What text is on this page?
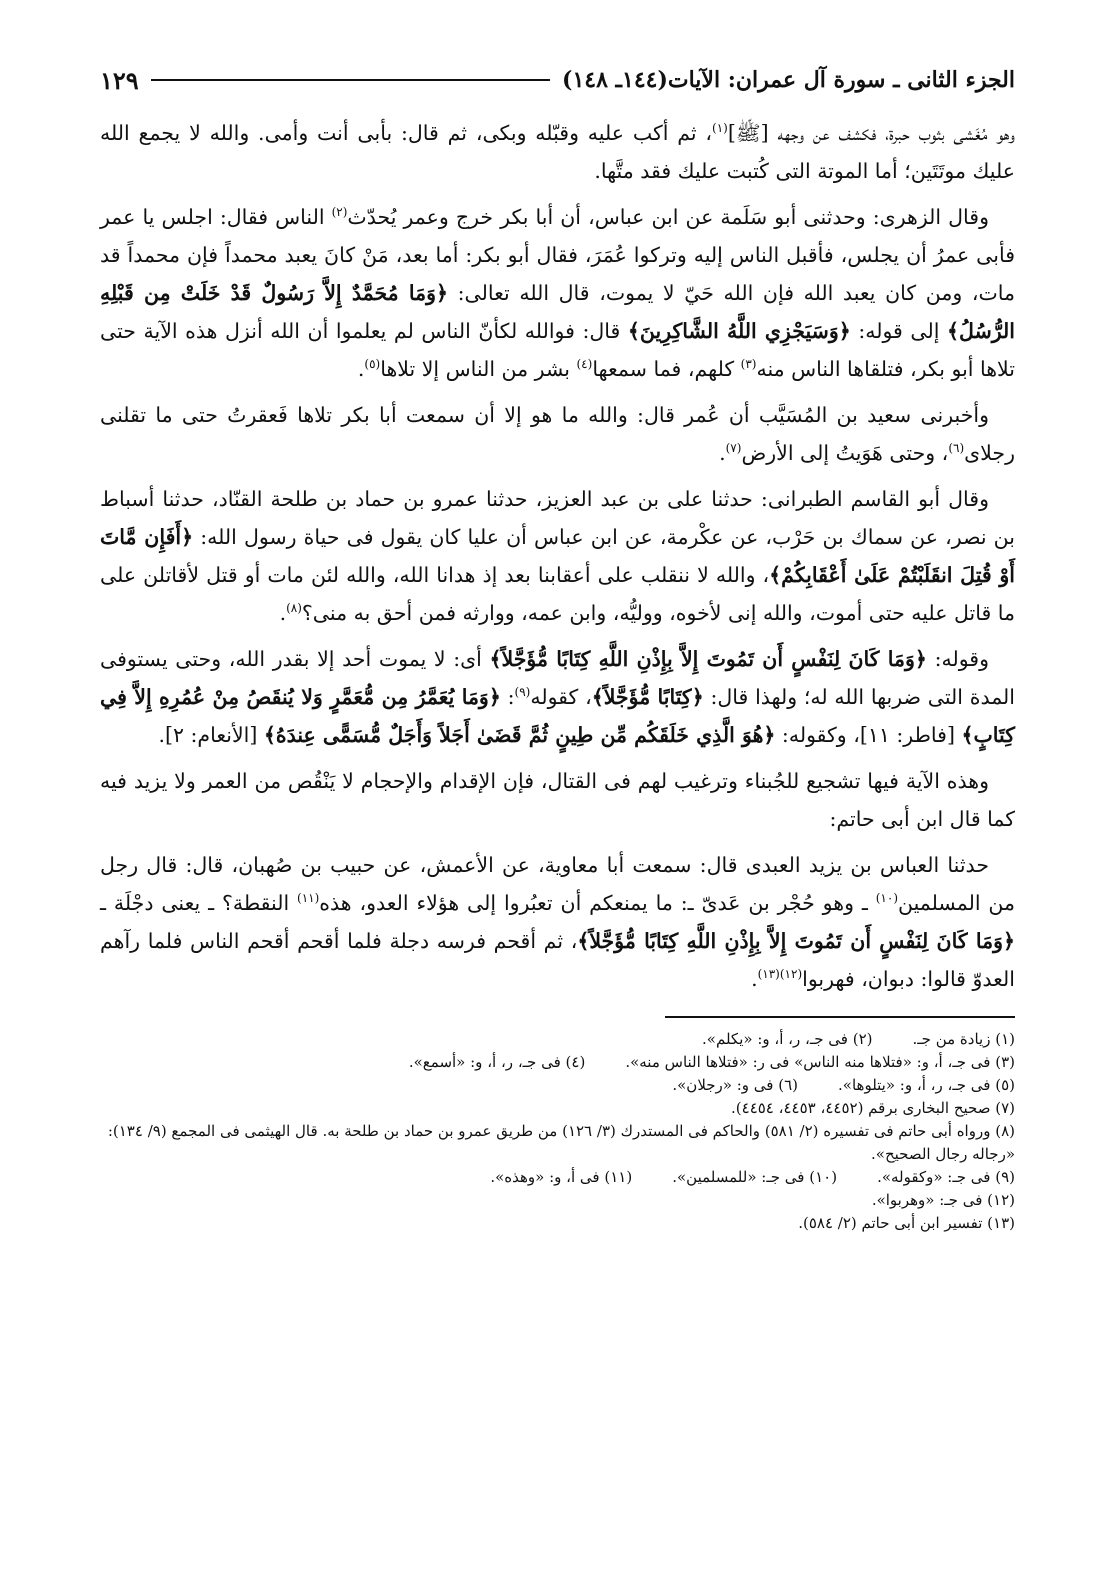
الجزء الثانى ـ سورة آل عمران: الآيات(١٤٤ـ ١٤٨)
١٢٩

وهو مُغَشى بثوب حبرة، فكشف عن وجهه [ﷺ]$^{(١)}$، ثم أكب عليه وقبّله وبكى، ثم قال: بأبى أنت وأمى. والله لا يجمع الله عليك موتَتَين؛ أما الموتة التى كُتبت عليك فقد متَّها.

وقال الزهرى: وحدثنى أبو سَلَمة عن ابن عباس، أن أبا بكر خرج وعمر يُحدّث$^{(٢)}$ الناس فقال: اجلس يا عمر فأبى عمرُ أن يجلس، فأقبل الناس إليه وتركوا عُمَرَ، فقال أبو بكر: أما بعد، مَنْ كانَ يعبد محمداً فإن محمداً قد مات، ومن كان يعبد الله فإن الله حَيّ لا يموت، قال الله تعالى: ﴿وَمَا مُحَمَّدٌ إِلاَّ رَسُولٌ قَدْ خَلَتْ مِن قَبْلِهِ الرُّسُلُ﴾ إلى قوله: ﴿وَسَيَجْزِي اللَّهُ الشَّاكِرِينَ﴾ قال: فوالله لكأنّ الناس لم يعلموا أن الله أنزل هذه الآية حتى تلاها أبو بكر، فتلقاها الناس منه$^{(٣)}$ كلهم، فما سمعها$^{(٤)}$ بشر من الناس إلا تلاها$^{(٥)}$.

وأخبرنى سعيد بن المُسَيَّب أن عُمر قال: والله ما هو إلا أن سمعت أبا بكر تلاها فَعقرتُ حتى ما تقلنى رجلاى$^{(٦)}$، وحتى هَوَيتُ إلى الأرض$^{(٧)}$.

وقال أبو القاسم الطبرانى: حدثنا على بن عبد العزيز، حدثنا عمرو بن حماد بن طلحة القنّاد، حدثنا أسباط بن نصر، عن سماك بن حَرْب، عن عكْرمة، عن ابن عباس أن عليا كان يقول فى حياة رسول الله: ﴿أَفَإِن مَّاتَ أَوْ قُتِلَ انقَلَبْتُمْ عَلَىٰ أَعْقَابِكُمْ﴾، والله لا ننقلب على أعقابنا بعد إذ هدانا الله، والله لئن مات أو قتل لأقاتلن على ما قاتل عليه حتى أموت، والله إنى لأخوه، ووليُّه، وابن عمه، ووارثه فمن أحق به منى؟$^{(٨)}$.

وقوله: ﴿وَمَا كَانَ لِنَفْسٍ أَن تَمُوتَ إِلاَّ بِإِذْنِ اللَّهِ كِتَابًا مُّؤَجَّلاً﴾ أى: لا يموت أحد إلا بقدر الله، وحتى يستوفى المدة التى ضربها الله له؛ ولهذا قال: ﴿كِتَابًا مُّؤَجَّلاً﴾، كقوله$^{(٩)}$: ﴿وَمَا يُعَمَّرُ مِن مُّعَمَّرٍ وَلا يُنقَصُ مِنْ عُمُرِهِ إِلاَّ فِي كِتَابٍ﴾ [فاطر: ١١]، وكقوله: ﴿هُوَ الَّذِي خَلَقَكُم مِّن طِينٍ ثُمَّ قَضَىٰ أَجَلاً وَأَجَلٌ مُّسَمًّى عِندَهُ﴾ [الأنعام: ٢].

وهذه الآية فيها تشجيع للجُبناء وترغيب لهم فى القتال، فإن الإقدام والإحجام لا يَنْقُص من العمر ولا يزيد فيه كما قال ابن أبى حاتم:

حدثنا العباس بن يزيد العبدى قال: سمعت أبا معاوية، عن الأعمش، عن حبيب بن صُهبان، قال: قال رجل من المسلمين$^{(١٠)}$ ـ وهو حُجْر بن عَدىّ ـ: ما يمنعكم أن تعبُروا إلى هؤلاء العدو، هذه$^{(١١)}$ النقطة؟ ـ يعنى دجْلَة ـ ﴿وَمَا كَانَ لِنَفْسٍ أَن تَمُوتَ إِلاَّ بِإِذْنِ اللَّهِ كِتَابًا مُّؤَجَّلاً﴾، ثم أقحم فرسه دجلة فلما أقحم أقحم الناس فلما رآهم العدوّ قالوا: دبوان، فهربوا$^{(١٢)(١٣)}$.

(١) زيادة من جـ.
(٢) فى جـ، ر، أ، و: «يكلم».
(٣) فى جـ، أ، و: «فتلاها منه الناس» فى ر: «فتلاها الناس منه».
(٤) فى جـ، ر، أ، و: «أسمع».
(٥) فى جـ، ر، أ، و: «يتلوها».
(٦) فى و: «رجلان».
(٧) صحيح البخارى برقم (٤٤٥٢، ٤٤٥٣، ٤٤٥٤).
(٨) ورواه أبى حاتم فى تفسيره (٢/ ٥٨١) والحاكم فى المستدرك (٣/ ١٢٦) من طريق عمرو بن حماد بن طلحة به. قال الهيثمى فى المجمع (٩/ ١٣٤): «رجاله رجال الصحيح».
(٩) فى جـ: «وكقوله».
(١٠) فى جـ: «للمسلمين».
(١١) فى أ، و: «وهذه».
(١٢) فى جـ: «وهربوا».
(١٣) تفسير ابن أبى حاتم (٢/ ٥٨٤).
